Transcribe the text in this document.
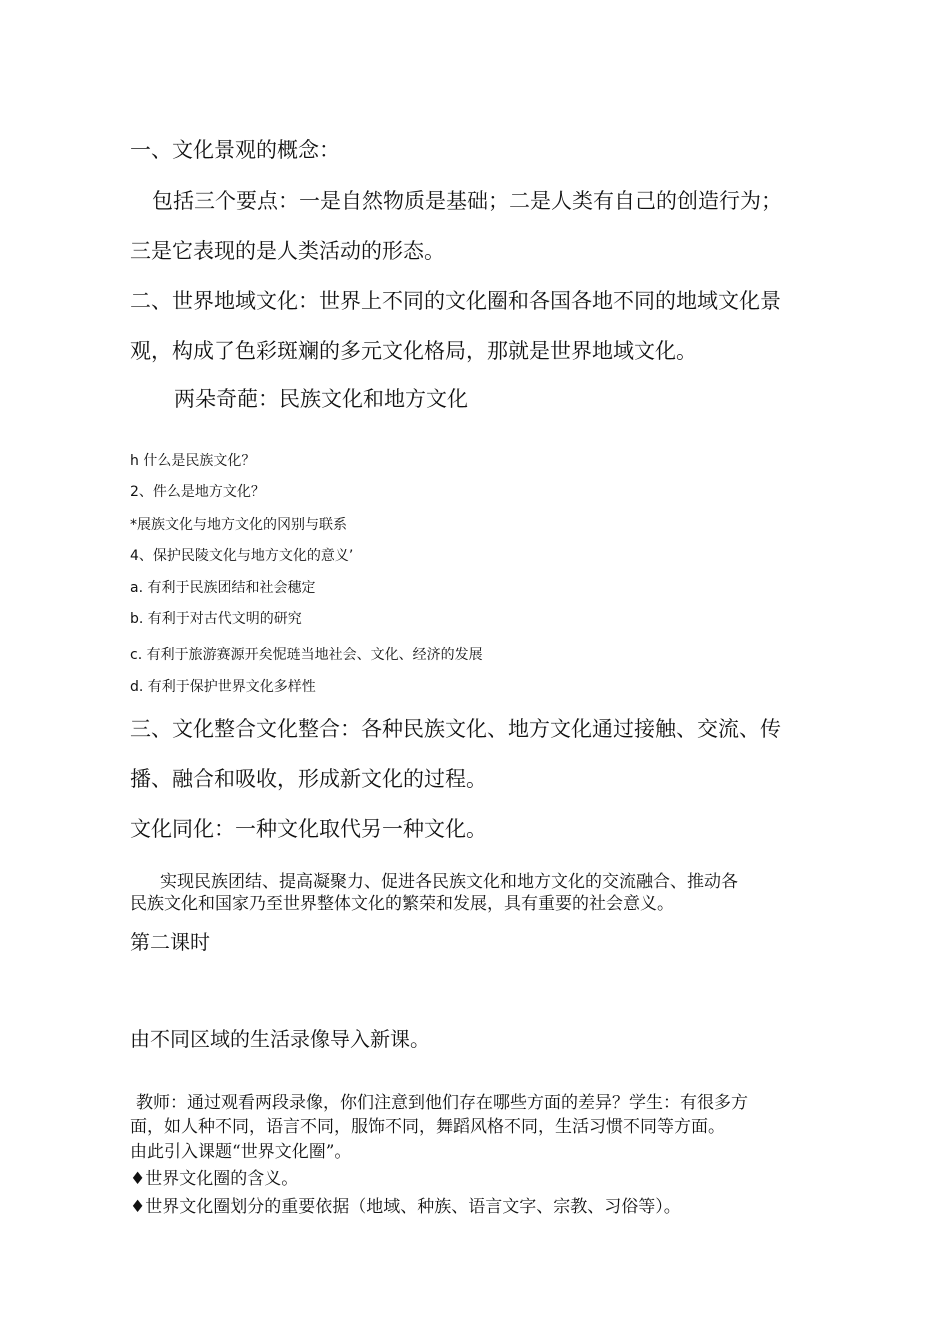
一、文化景观的概念：

包括三个要点：一是自然物质是基础；二是人类有自己的创造行为；

三是它表现的是人类活动的形态。

二、世界地域文化：世界上不同的文化圈和各国各地不同的地域文化景

观，构成了色彩斑斓的多元文化格局，那就是世界地域文化。

两朵奇葩：民族文化和地方文化

h 什么是民族文化？

2、件么是地方文化？

*展族文化与地方文化的冈别与联系

4、保护民陵文化与地方文化的意义’

a. 有利于民族团结和社会穗定

b. 有利于对古代文明的研究

c. 有利于旅游赛源开矣怩琏当地社会、文化、经济的发展

d. 有利于保护世界文化多样性

三、文化整合文化整合：各种民族文化、地方文化通过接触、交流、传

播、融合和吸收，形成新文化的过程。

文化同化：一种文化取代另一种文化。

实现民族团结、提高凝聚力、促进各民族文化和地方文化的交流融合、推动各

民族文化和国家乃至世界整体文化的繁荣和发展，具有重要的社会意义。

第二课时

由不同区域的生活录像导入新课。

教师：通过观看两段录像，你们注意到他们存在哪些方面的差异？学生：有很多方

面，如人种不同，语言不同，服饰不同，舞蹈风格不同，生活习惯不同等方面。

由此引入课题“世界文化圈”。

♦世界文化圈的含义。

♦世界文化圈划分的重要依据（地域、种族、语言文字、宗教、习俗等）。
